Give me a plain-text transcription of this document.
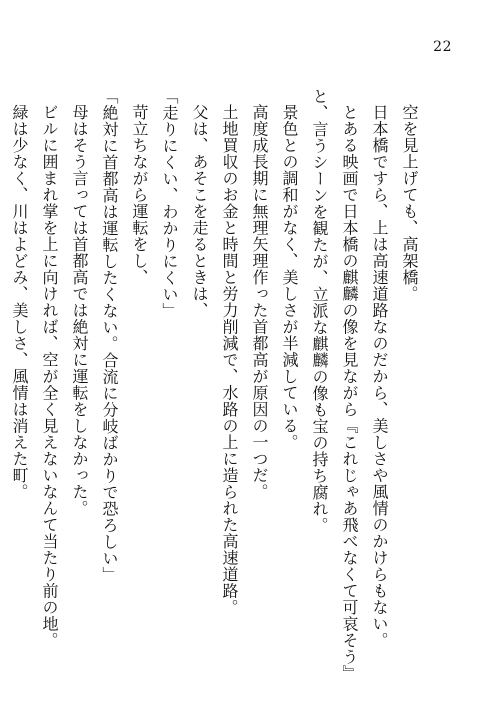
22

空を見上げても、高架橋。

日本橋ですら、上は高速道路なのだから、美しさや風情のかけらもない。

とある映画で日本橋の麒麟の像を見ながら『これじゃあ飛べなくて可哀そう』と、言うシーンを観たが、立派な麒麟の像も宝の持ち腐れ。

景色との調和がなく、美しさが半減している。

高度成長期に無理矢理作った首都高が原因の一つだ。

土地買収のお金と時間と労力削減で、水路の上に造られた高速道路。

父は、あそこを走るときは、

「走りにくい、わかりにくい」

苛立ちながら運転をし、

「絶対に首都高は運転したくない。合流に分岐ばかりで恐ろしい」

母はそう言っては首都高では絶対に運転をしなかった。

ビルに囲まれ掌を上に向ければ、空が全く見えないなんて当たり前の地。

緑は少なく、川はよどみ、美しさ、風情は消えた町。
